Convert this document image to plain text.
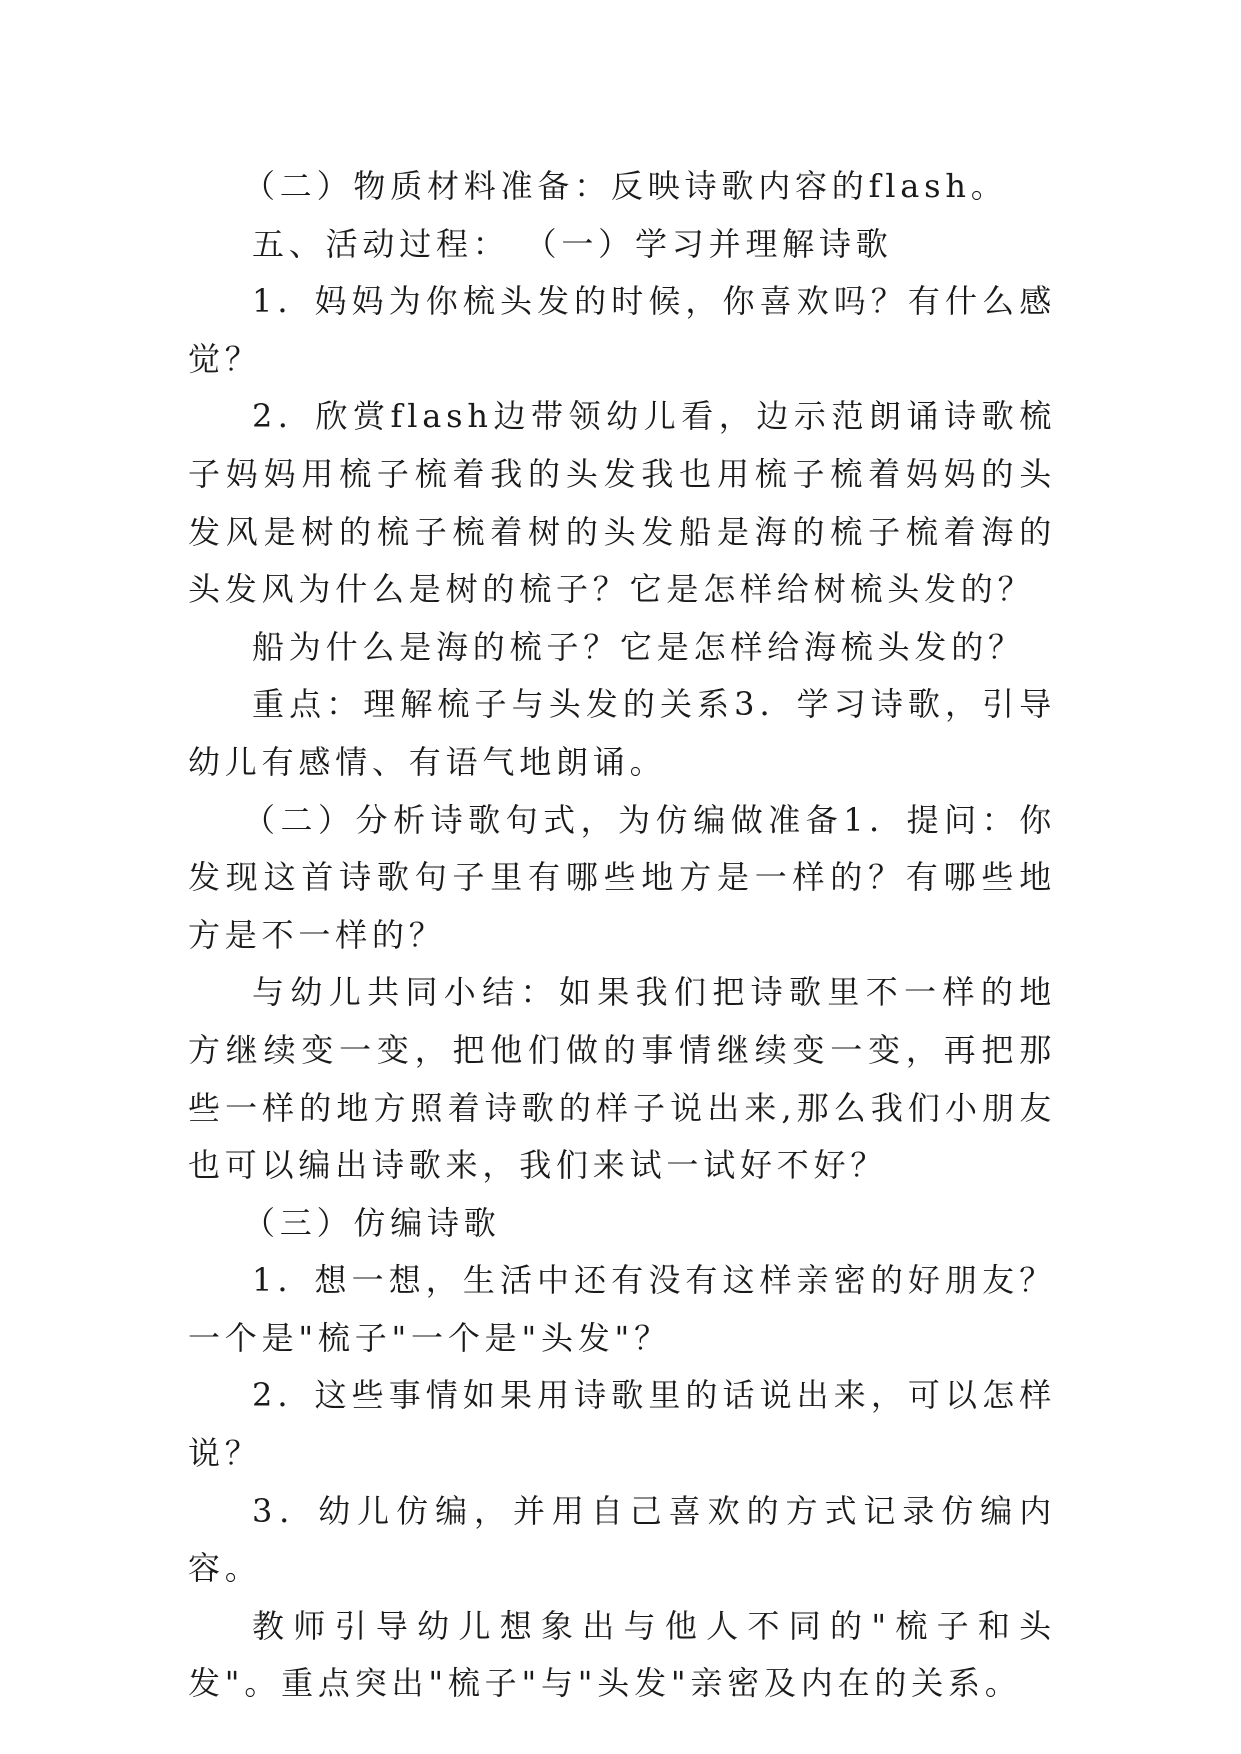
（二）物质材料准备：反映诗歌内容的flash。

五、活动过程： （一）学习并理解诗歌

1．妈妈为你梳头发的时候，你喜欢吗？有什么感觉？

2．欣赏flash边带领幼儿看，边示范朗诵诗歌梳子妈妈用梳子梳着我的头发我也用梳子梳着妈妈的头发风是树的梳子梳着树的头发船是海的梳子梳着海的头发风为什么是树的梳子？它是怎样给树梳头发的？

船为什么是海的梳子？它是怎样给海梳头发的？

重点：理解梳子与头发的关系3．学习诗歌，引导幼儿有感情、有语气地朗诵。

（二）分析诗歌句式，为仿编做准备1．提问：你发现这首诗歌句子里有哪些地方是一样的？有哪些地方是不一样的？

与幼儿共同小结：如果我们把诗歌里不一样的地方继续变一变，把他们做的事情继续变一变，再把那些一样的地方照着诗歌的样子说出来,那么我们小朋友也可以编出诗歌来，我们来试一试好不好？

（三）仿编诗歌

1．想一想，生活中还有没有这样亲密的好朋友？一个是"梳子"一个是"头发"？

2．这些事情如果用诗歌里的话说出来，可以怎样说？

3．幼儿仿编，并用自己喜欢的方式记录仿编内容。

教师引导幼儿想象出与他人不同的"梳子和头发"。重点突出"梳子"与"头发"亲密及内在的关系。
